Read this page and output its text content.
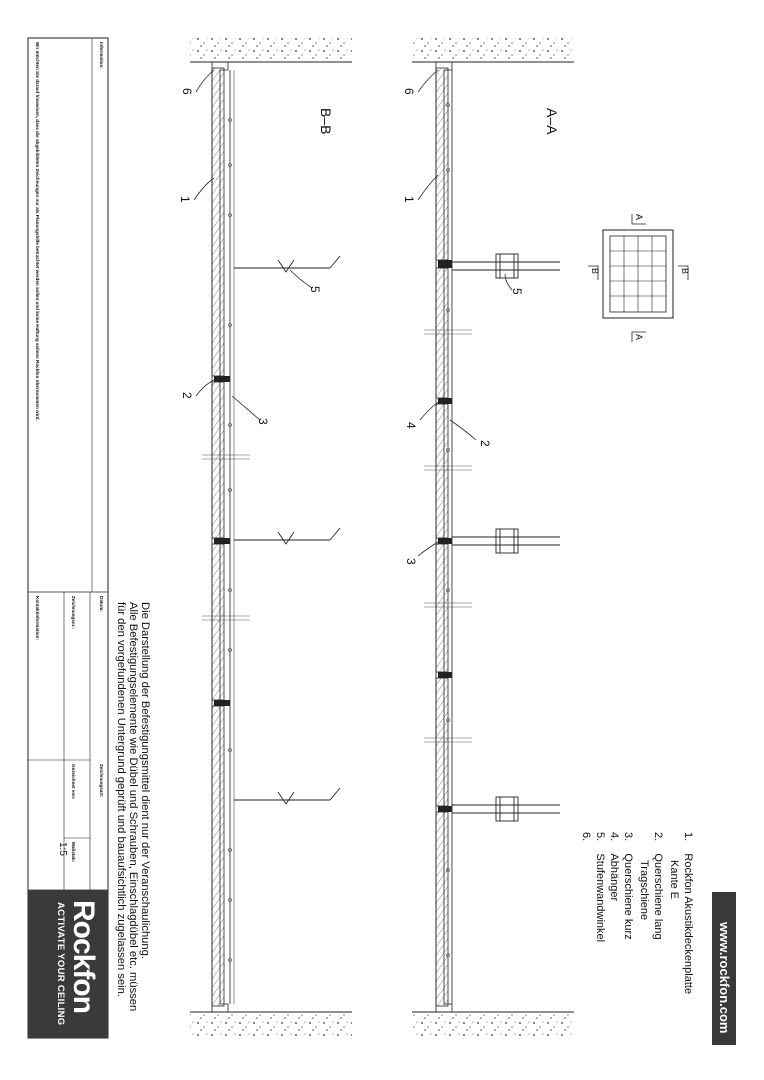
www.rockfon.com
1.    Rockfon Akustikdeckenplatte
Kante E
2.    Querschiene lang
Tragschiene
3.    Querschiene kurz
4.    Abhänger
5.    Stufenwandwinkel
6.
Die Darstellung der Befestigungsmittel dient nur der Veranschaulichung.
Alle Befestigungselemente wie Dübel und Schrauben, Einschlagdübel etc. müssen
für den vorgefundenen Untergrund geprüft und bauaufsichtlich zugelassen sein.
A–A
B–B
A
A
B	B
6
1
5
4
2
3
6
1
5
2
3
Information:
Wir möchten Sie darauf hinweisen, dass die abgebildeten Zeichnungen nur als Planungshilfe betrachtet werden sollen und keine Haftung seitens Rockfon übernommen wird.
Datum:
Zeichnungsnr.:
Kontaktinformation:
Zeichnungsart:
Gezeichnet von:
Maßstab:
1:5
Rockfon
ACTIVATE YOUR CEILING
